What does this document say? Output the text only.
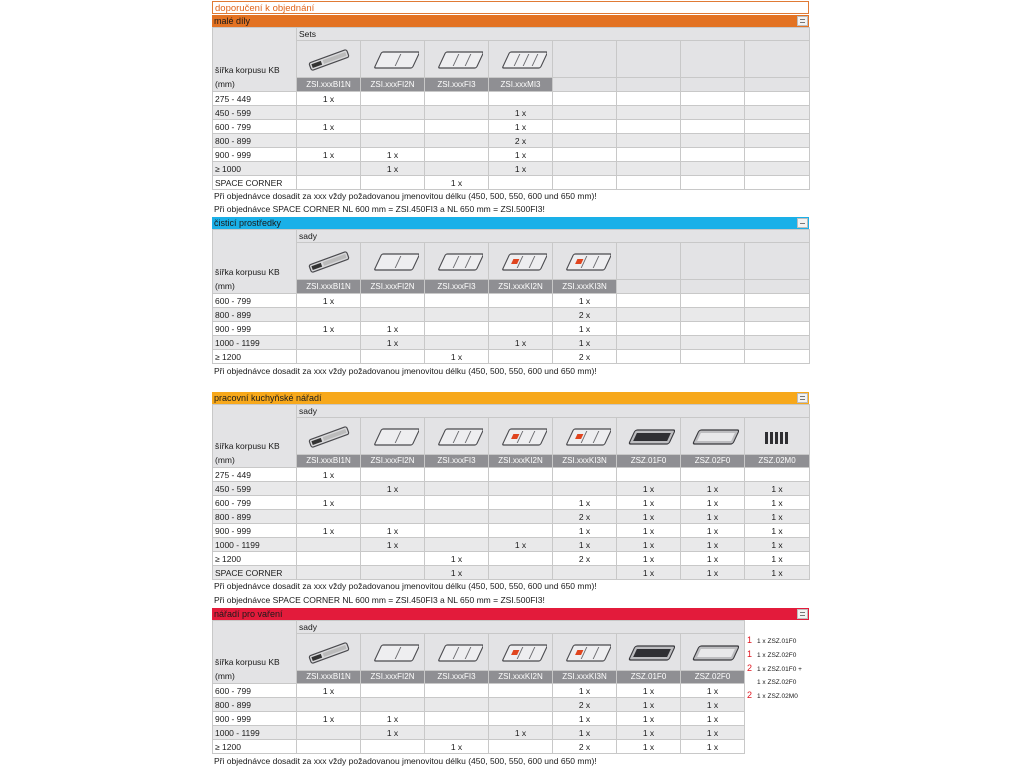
doporučení k objednání
malé díly
šířka korpusu KB
(mm)	Sets							

	ZSI.xxxBI1N	ZSI.xxxFI2N	ZSI.xxxFI3	ZSI.xxxMI3				
275 - 449	1 x							
450 - 599				1 x				
600 - 799	1 x			1 x				
800 - 899				2 x				
900 - 999	1 x	1 x		1 x				
≥ 1000		1 x		1 x				
SPACE CORNER			1 x					
Při objednávce dosadit za xxx vždy požadovanou jmenovitou délku (450, 500, 550, 600 und 650 mm)!
Při objednávce SPACE CORNER NL 600 mm = ZSI.450FI3 a NL 650 mm = ZSI.500FI3!
čisticí prostředky
šířka korpusu KB
(mm)	sady							

	ZSI.xxxBI1N	ZSI.xxxFI2N	ZSI.xxxFI3	ZSI.xxxKI2N	ZSI.xxxKI3N			
600 - 799	1 x				1 x			
800 - 899					2 x			
900 - 999	1 x	1 x			1 x			
1000 - 1199		1 x		1 x	1 x			
≥ 1200			1 x		2 x			
Při objednávce dosadit za xxx vždy požadovanou jmenovitou délku (450, 500, 550, 600 und 650 mm)!
pracovní kuchyňské nářadí
šířka korpusu KB
(mm)	sady							

	ZSI.xxxBI1N	ZSI.xxxFI2N	ZSI.xxxFI3	ZSI.xxxKI2N	ZSI.xxxKI3N	ZSZ.01F0	ZSZ.02F0	ZSZ.02M0
275 - 449	1 x							
450 - 599		1 x				1 x	1 x	1 x
600 - 799	1 x				1 x	1 x	1 x	1 x
800 - 899					2 x	1 x	1 x	1 x
900 - 999	1 x	1 x			1 x	1 x	1 x	1 x
1000 - 1199		1 x		1 x	1 x	1 x	1 x	1 x
≥ 1200			1 x		2 x	1 x	1 x	1 x
SPACE CORNER			1 x			1 x	1 x	1 x
Při objednávce dosadit za xxx vždy požadovanou jmenovitou délku (450, 500, 550, 600 und 650 mm)!
Při objednávce SPACE CORNER NL 600 mm = ZSI.450FI3 a NL 650 mm = ZSI.500FI3!
nářadí pro vaření
šířka korpusu KB
(mm)	sady						

	ZSI.xxxBI1N	ZSI.xxxFI2N	ZSI.xxxFI3	ZSI.xxxKI2N	ZSI.xxxKI3N	ZSZ.01F0	ZSZ.02F0
600 - 799	1 x				1 x	1 x	1 x
800 - 899					2 x	1 x	1 x
900 - 999	1 x	1 x			1 x	1 x	1 x
1000 - 1199		1 x		1 x	1 x	1 x	1 x
≥ 1200			1 x		2 x	1 x	1 x
1 1 x ZSZ.01F0
1 1 x ZSZ.02F0
2 1 x ZSZ.01F0 +
1 x ZSZ.02F0
2 1 x ZSZ.02M0
Při objednávce dosadit za xxx vždy požadovanou jmenovitou délku (450, 500, 550, 600 und 650 mm)!
